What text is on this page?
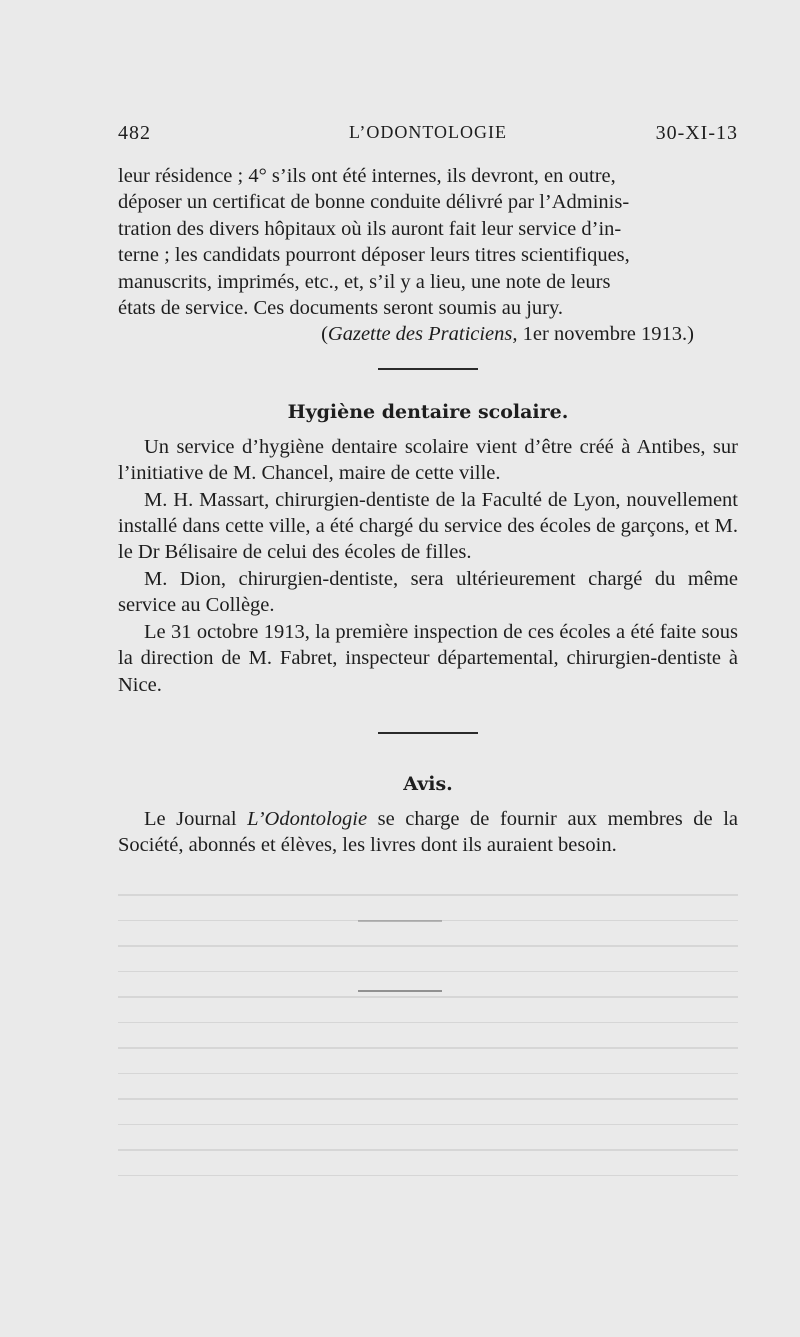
482	L’ODONTOLOGIE	30-XI-13

leur résidence ; 4° s’ils ont été internes, ils devront, en outre,

déposer un certificat de bonne conduite délivré par l’Adminis-

tration des divers hôpitaux où ils auront fait leur service d’in-

terne ; les candidats pourront déposer leurs titres scientifiques,

manuscrits, imprimés, etc., et, s’il y a lieu, une note de leurs

états de service. Ces documents seront soumis au jury.

(Gazette des Praticiens, 1er novembre 1913.)

Hygiène dentaire scolaire.

Un service d’hygiène dentaire scolaire vient d’être créé à Antibes, sur l’initiative de M. Chancel, maire de cette ville.

M. H. Massart, chirurgien-dentiste de la Faculté de Lyon, nouvellement installé dans cette ville, a été chargé du service des écoles de garçons, et M. le Dr Bélisaire de celui des écoles de filles.

M. Dion, chirurgien-dentiste, sera ultérieurement chargé du même service au Collège.

Le 31 octobre 1913, la première inspection de ces écoles a été faite sous la direction de M. Fabret, inspecteur départemental, chirurgien-dentiste à Nice.

Avis.

Le Journal L’Odontologie se charge de fournir aux membres de la Société, abonnés et élèves, les livres dont ils auraient besoin.
